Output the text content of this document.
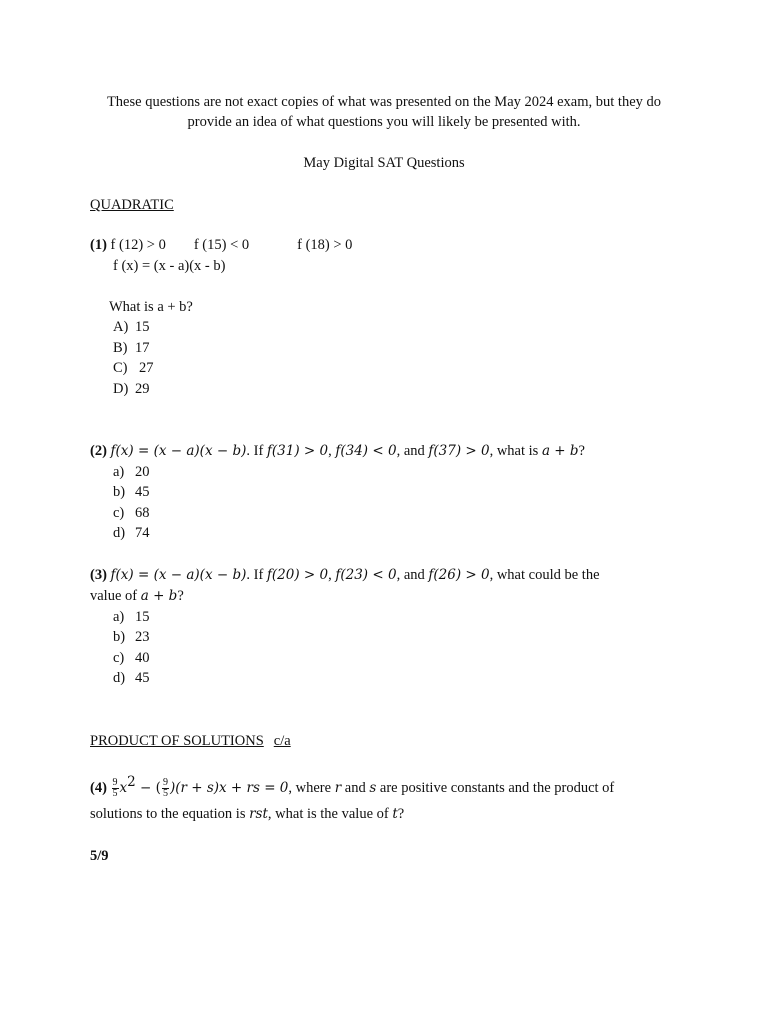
These questions are not exact copies of what was presented on the May 2024 exam, but they do
provide an idea of what questions you will likely be presented with.
May Digital SAT Questions
QUADRATIC
(1) f (12) > 0 f (15) < 0	f (18) > 0
f (x) = (x - a)(x - b)
What is a + b?
A) 15
B) 17
C) 27
D) 29
(2) f(x) = (x − a)(x − b). If f(31) > 0, f(34) < 0, and f(37) > 0, what is a + b?
a) 20
b) 45
c) 68
d) 74
(3) f(x) = (x − a)(x − b). If f(20) > 0, f(23) < 0, and f(26) > 0, what could be the
value of a + b?
a) 15
b) 23
c) 40
d) 45
PRODUCT OF SOLUTIONS c/a
$(4) \frac{9}{5} x^2$ − ( $\frac{9}{5} )(r + s)x$ + rs = 0, where r and s are positive constants and the product of
solutions to the equation is rst, what is the value of t?
5/9
